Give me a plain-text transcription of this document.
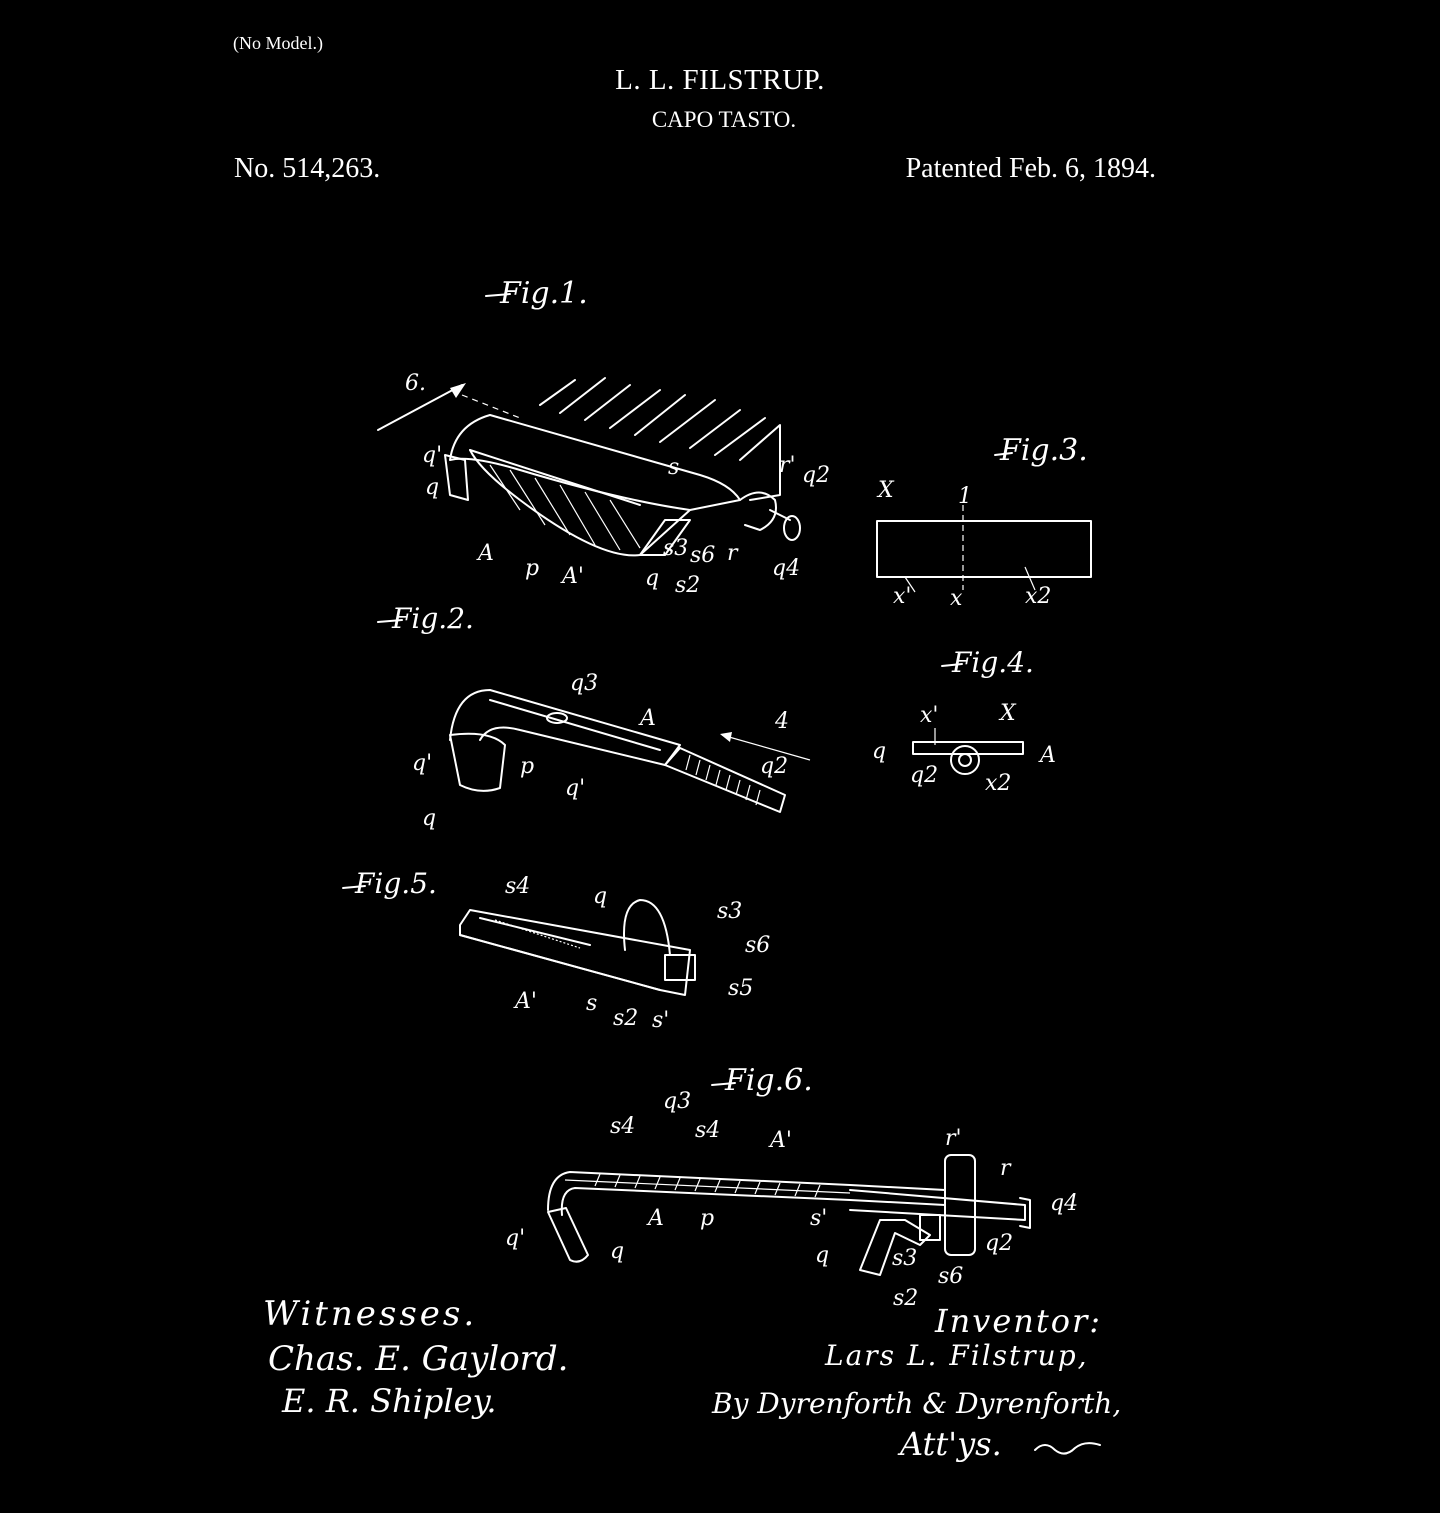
(No Model.)
L. L. FILSTRUP.
CAPO TASTO.
No. 514,263.	Patented Feb. 6, 1894.
Fig.1.
6.
q'
q
A
p A'
s	r' q2
s3 s6 r
q s2
q4
Fig.3.
X	1
x' x	x2
Fig.2.
q3
A
q'	p
q'
q
4
q2
Fig.4.
x'	X
q	A
q2 x2
Fig.5.	s4	q
s3
s6
A' s
s2 s'
s5
Fig.6.
q3
s4	s4 A'	r'
r
q'
q
A p	s'
q4
q	s3
q2
s6
s2
Witnesses.
Chas. E. Gaylord.
E. R. Shipley.
Inventor:
Lars L. Filstrup,
By Dyrenforth & Dyrenforth,
Att'ys.
